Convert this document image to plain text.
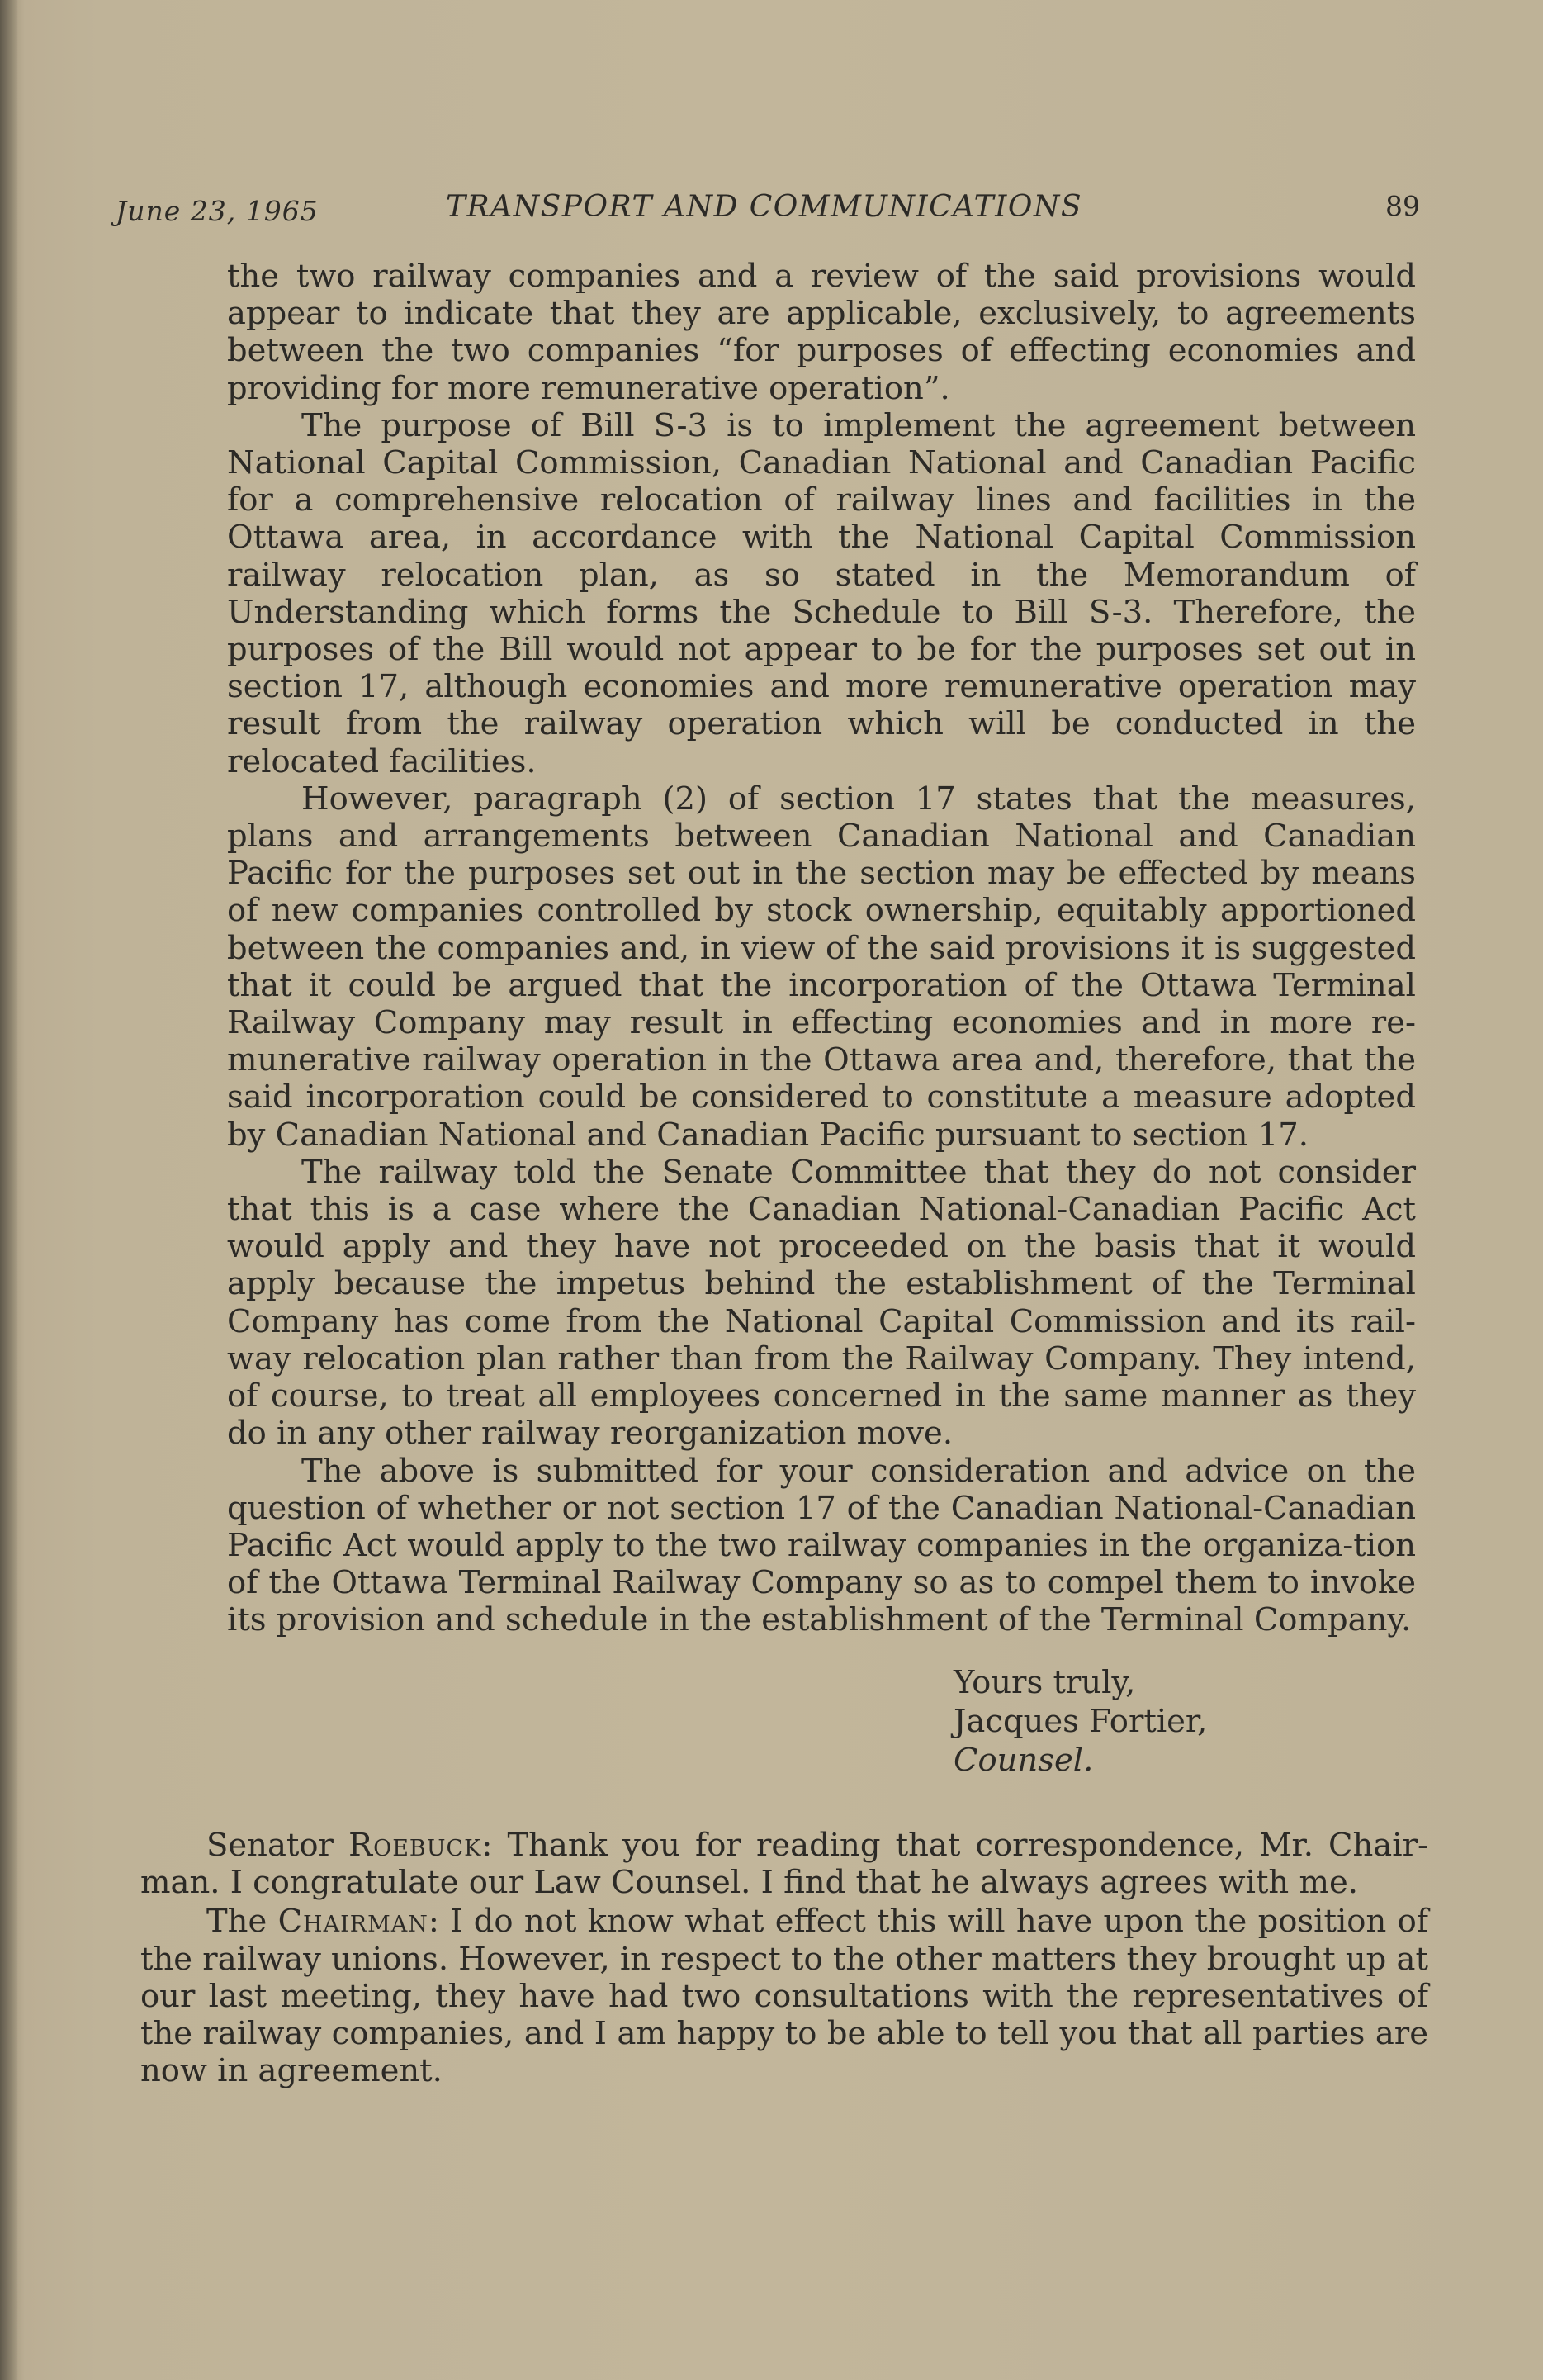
June 23, 1965	TRANSPORT AND COMMUNICATIONS	89

the two railway companies and a review of the said provisions would appear to indicate that they are applicable, exclusively, to agreements between the two companies “for purposes of effecting economies and providing for more remunerative operation”.

The purpose of Bill S-3 is to implement the agreement between National Capital Commission, Canadian National and Canadian Pacific for a comprehensive relocation of railway lines and facilities in the Ottawa area, in accordance with the National Capital Commission railway relocation plan, as so stated in the Memorandum of Understanding which forms the Schedule to Bill S-3. Therefore, the purposes of the Bill would not appear to be for the purposes set out in section 17, although economies and more remunerative operation may result from the railway operation which will be conducted in the relocated facilities.

However, paragraph (2) of section 17 states that the measures, plans and arrangements between Canadian National and Canadian Pacific for the purposes set out in the section may be effected by means of new companies controlled by stock ownership, equitably apportioned between the companies and, in view of the said provisions it is suggested that it could be argued that the incorporation of the Ottawa Terminal Railway Company may result in effecting economies and in more re-munerative railway operation in the Ottawa area and, therefore, that the said incorporation could be considered to constitute a measure adopted by Canadian National and Canadian Pacific pursuant to section 17.

The railway told the Senate Committee that they do not consider that this is a case where the Canadian National-Canadian Pacific Act would apply and they have not proceeded on the basis that it would apply because the impetus behind the establishment of the Terminal Company has come from the National Capital Commission and its rail-way relocation plan rather than from the Railway Company. They intend, of course, to treat all employees concerned in the same manner as they do in any other railway reorganization move.

The above is submitted for your consideration and advice on the question of whether or not section 17 of the Canadian National-Canadian Pacific Act would apply to the two railway companies in the organiza-tion of the Ottawa Terminal Railway Company so as to compel them to invoke its provision and schedule in the establishment of the Terminal Company.

Yours truly,
Jacques Fortier,
Counsel.

Senator Roebuck: Thank you for reading that correspondence, Mr. Chair-man. I congratulate our Law Counsel. I find that he always agrees with me.

The Chairman: I do not know what effect this will have upon the position of the railway unions. However, in respect to the other matters they brought up at our last meeting, they have had two consultations with the representatives of the railway companies, and I am happy to be able to tell you that all parties are now in agreement.
